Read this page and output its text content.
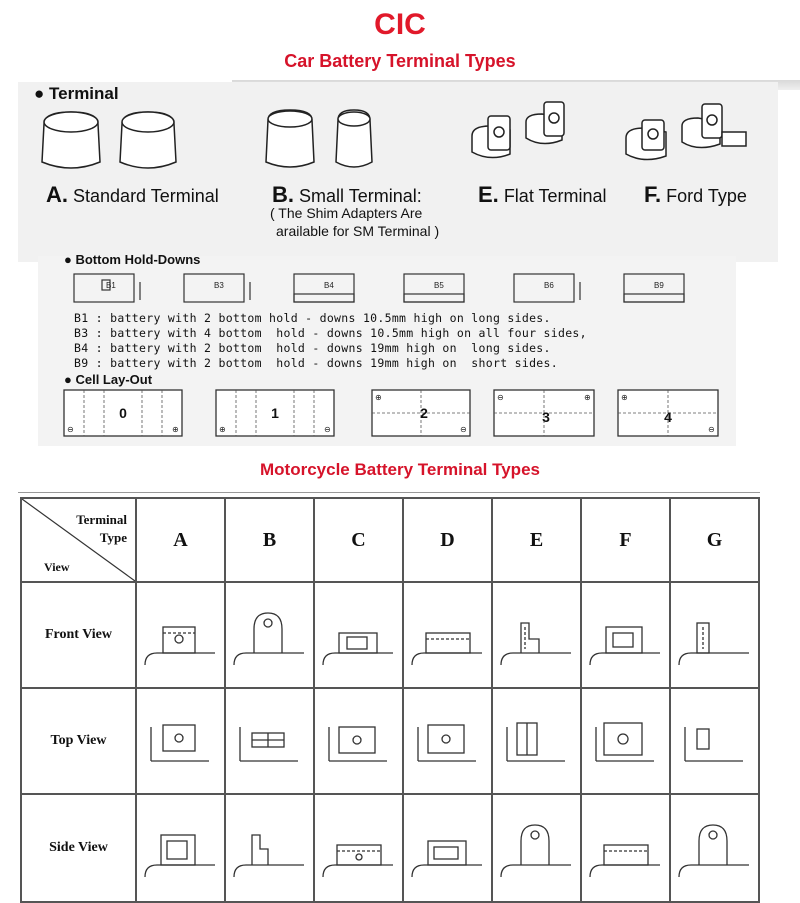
CIC
Car Battery Terminal Types
● Terminal
A. Standard Terminal B. Small Terminal:
( The Shim Adapters Are
arailable for SM Terminal )
E. Flat Terminal F. Ford Type
● Bottom Hold-Downs
B1	B3	B4	B5	B6	B9
B1 : battery with 2 bottom hold - downs 10.5mm high on long sides.
B3 : battery with 4 bottom  hold - downs 10.5mm high on all four sides,
B4 : battery with 2 bottom  hold - downs 19mm high on  long sides.
B9 : battery with 2 bottom  hold - downs 19mm high on  short sides.
● Cell Lay-Out
0	1	2	3	4
⊖	⊕	⊕	⊖
⊕
⊖
⊖	⊕	⊕
⊖
Motorcycle Battery Terminal Types
Terminal
Type
View	A	B	C	D	E	F	G
Front View	

Top View	

Side View	
